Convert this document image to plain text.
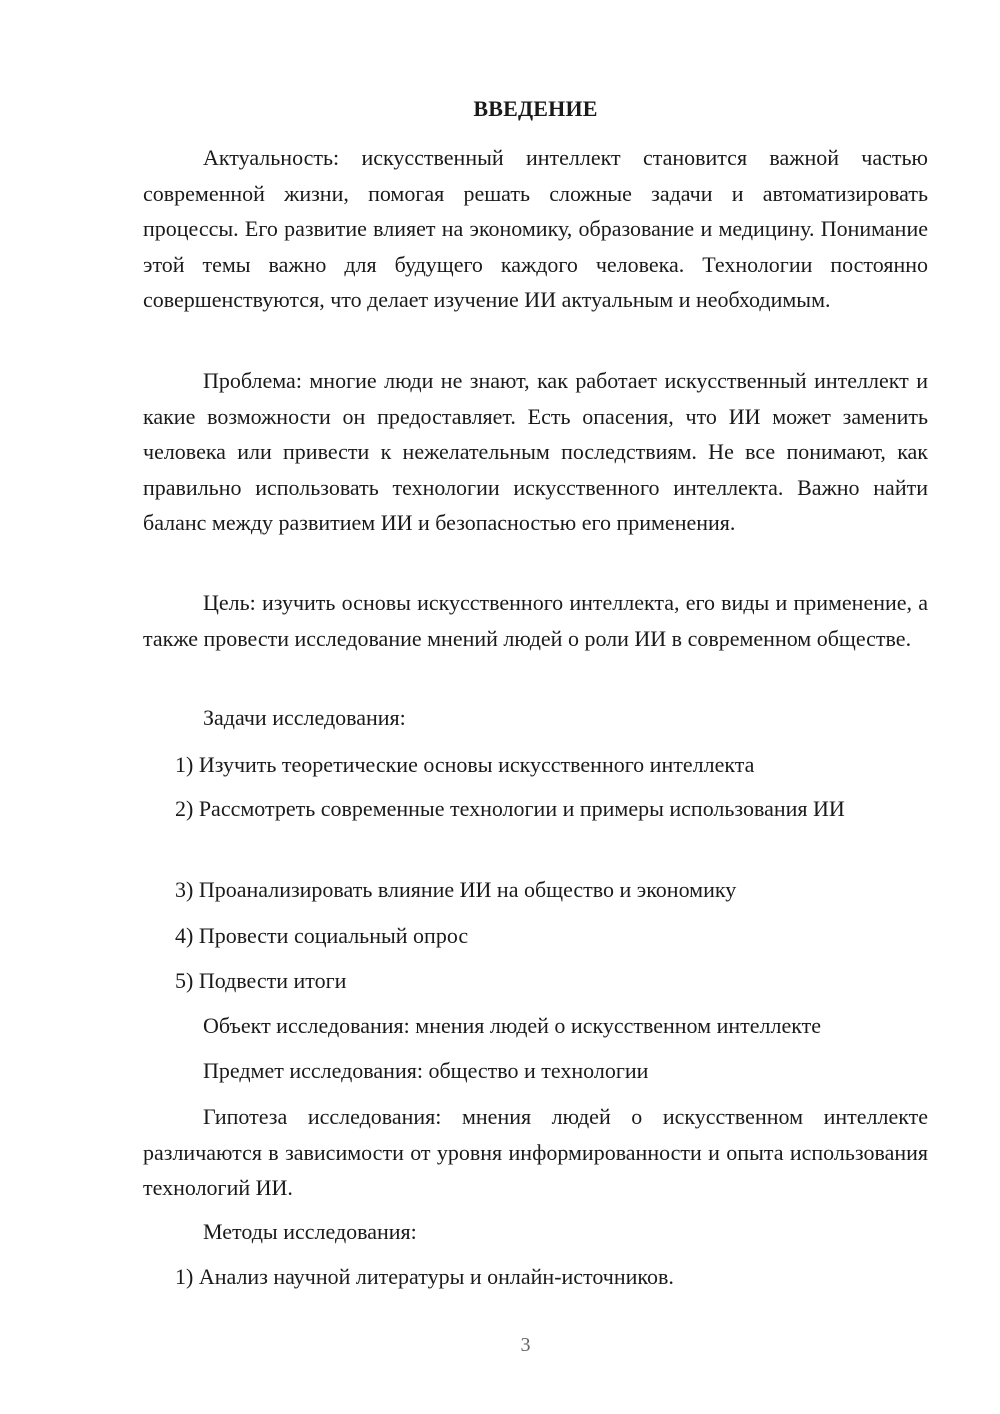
ВВЕДЕНИЕ

Актуальность: искусственный интеллект становится важной частью современной жизни, помогая решать сложные задачи и автоматизировать процессы. Его развитие влияет на экономику, образование и медицину. Понимание этой темы важно для будущего каждого человека. Технологии постоянно совершенствуются, что делает изучение ИИ актуальным и необходимым.

Проблема: многие люди не знают, как работает искусственный интеллект и какие возможности он предоставляет. Есть опасения, что ИИ может заменить человека или привести к нежелательным последствиям. Не все понимают, как правильно использовать технологии искусственного интеллекта. Важно найти баланс между развитием ИИ и безопасностью его применения.

Цель: изучить основы искусственного интеллекта, его виды и применение, а также провести исследование мнений людей о роли ИИ в современном обществе.

Задачи исследования:

1) Изучить теоретические основы искусственного интеллекта

2) Рассмотреть современные технологии и примеры использования ИИ

3) Проанализировать влияние ИИ на общество и экономику

4) Провести социальный опрос

5) Подвести итоги

Объект исследования: мнения людей о искусственном интеллекте

Предмет исследования: общество и технологии

Гипотеза исследования: мнения людей о искусственном интеллекте различаются в зависимости от уровня информированности и опыта использования технологий ИИ.

Методы исследования:

1) Анализ научной литературы и онлайн-источников.

3
